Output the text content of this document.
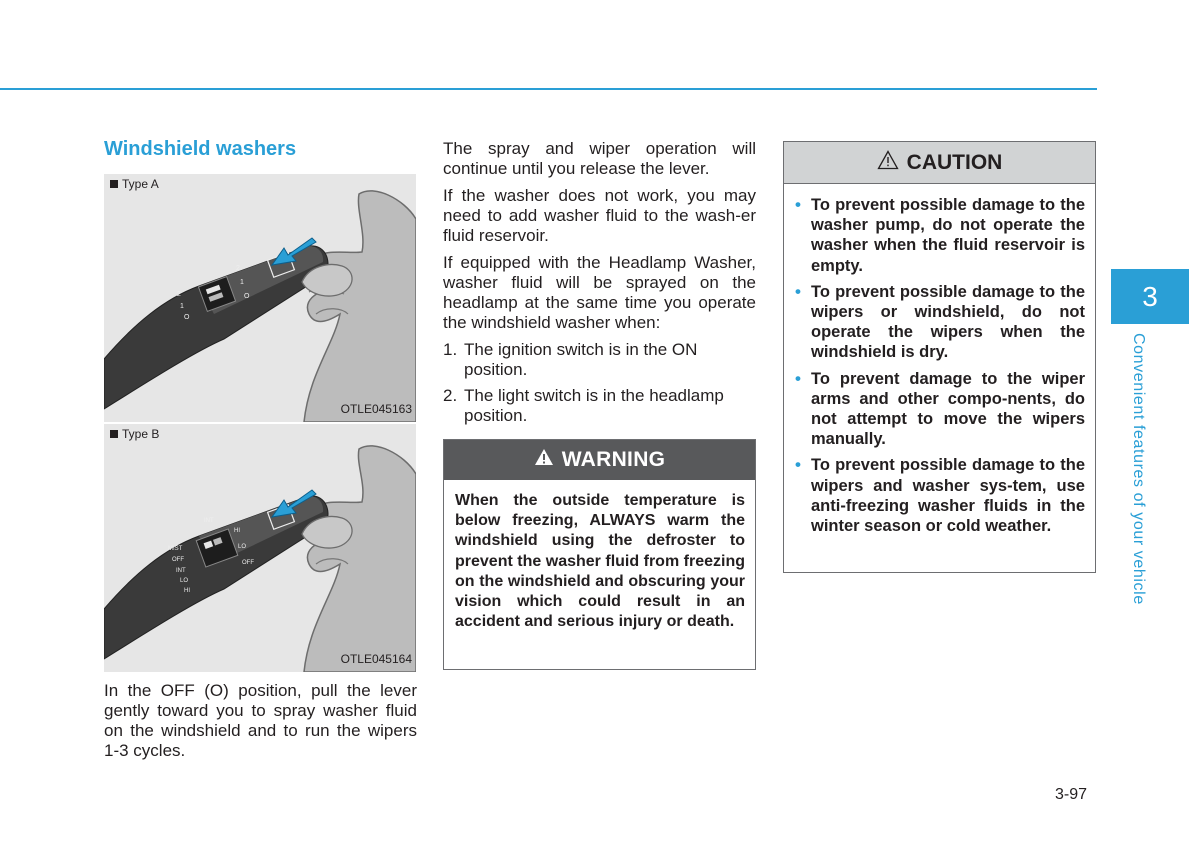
Windshield washers
2
1
O
2
1
O
Type A
OTLE045163
MIST
OFF
INT
LO
HI
INT
HI
LO
OFF
Type B
OTLE045164

In the OFF (O) position, pull the lever gently toward you to spray washer fluid on the windshield and to run the wipers 1-3 cycles.

The spray and wiper operation will continue until you release the lever.

If the washer does not work, you may need to add washer fluid to the wash-er fluid reservoir.

If equipped with the Headlamp Washer, washer fluid will be sprayed on the headlamp at the same time you operate the windshield washer when:

1. The ignition switch is in the ON position.
2. The light switch is in the headlamp position.
WARNING
When the outside temperature is below freezing, ALWAYS warm the windshield using the defroster to prevent the washer fluid from freezing on the windshield and obscuring your vision which could result in an accident and serious injury or death.
CAUTION
• To prevent possible damage to the washer pump, do not operate the washer when the fluid reservoir is empty.
• To prevent possible damage to the wipers or windshield, do not operate the wipers when the windshield is dry.
• To prevent damage to the wiper arms and other compo-nents, do not attempt to move the wipers manually.
• To prevent possible damage to the wipers and washer sys-tem, use anti-freezing washer fluids in the winter season or cold weather.
3
Convenient features of your vehicle
3-97
